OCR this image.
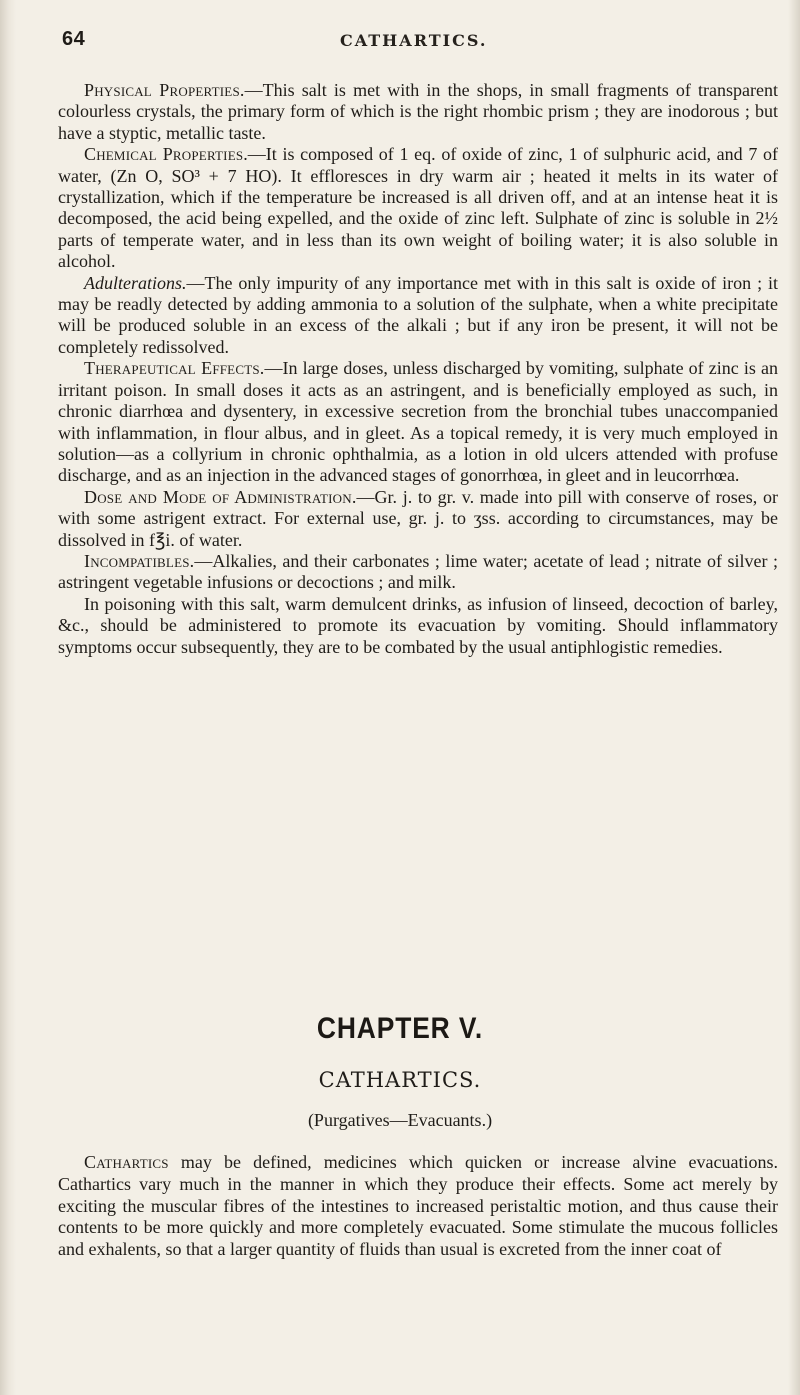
64	CATHARTICS.

Physical Properties.—This salt is met with in the shops, in small fragments of transparent colourless crystals, the primary form of which is the right rhombic prism ; they are inodorous ; but have a styptic, metallic taste.

Chemical Properties.—It is composed of 1 eq. of oxide of zinc, 1 of sulphuric acid, and 7 of water, (Zn O, SO³ + 7 HO). It effloresces in dry warm air ; heated it melts in its water of crystallization, which if the temperature be increased is all driven off, and at an intense heat it is decomposed, the acid being expelled, and the oxide of zinc left. Sulphate of zinc is soluble in 2½ parts of temperate water, and in less than its own weight of boiling water; it is also soluble in alcohol.

Adulterations.—The only impurity of any importance met with in this salt is oxide of iron ; it may be readly detected by adding ammonia to a solution of the sulphate, when a white precipitate will be produced soluble in an excess of the alkali ; but if any iron be present, it will not be completely redissolved.

Therapeutical Effects.—In large doses, unless discharged by vomiting, sulphate of zinc is an irritant poison. In small doses it acts as an astringent, and is beneficially employed as such, in chronic diarrhœa and dysentery, in excessive secretion from the bronchial tubes unaccompanied with inflammation, in flour albus, and in gleet. As a topical remedy, it is very much employed in solution—as a collyrium in chronic ophthalmia, as a lotion in old ulcers attended with profuse discharge, and as an injection in the advanced stages of gonorrhœa, in gleet and in leucorrhœa.

Dose and Mode of Administration.—Gr. j. to gr. v. made into pill with conserve of roses, or with some astrigent extract. For external use, gr. j. to ʒss. according to circumstances, may be dissolved in f℥i. of water.

Incompatibles.—Alkalies, and their carbonates ; lime water; acetate of lead ; nitrate of silver ; astringent vegetable infusions or decoctions ; and milk.

In poisoning with this salt, warm demulcent drinks, as infusion of linseed, decoction of barley, &c., should be administered to promote its evacuation by vomiting. Should inflammatory symptoms occur subsequently, they are to be combated by the usual antiphlogistic remedies.

CHAPTER V.
CATHARTICS.
(Purgatives—Evacuants.)

Cathartics may be defined, medicines which quicken or increase alvine evacuations. Cathartics vary much in the manner in which they produce their effects. Some act merely by exciting the muscular fibres of the intestines to increased peristaltic motion, and thus cause their contents to be more quickly and more completely evacuated. Some stimulate the mucous follicles and exhalents, so that a larger quantity of fluids than usual is excreted from the inner coat of
